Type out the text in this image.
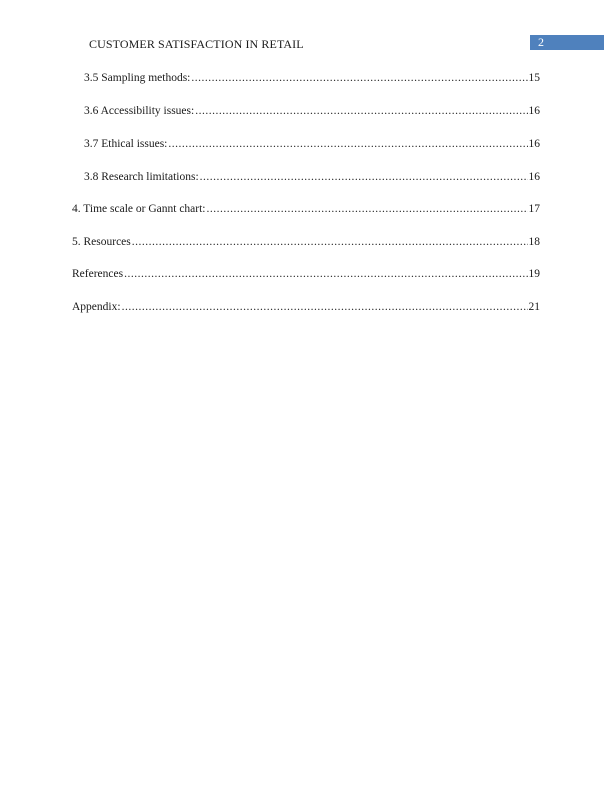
CUSTOMER SATISFACTION IN RETAIL	2
3.5 Sampling methods: .....	15
3.6 Accessibility issues: .....	16
3.7 Ethical issues: .....	16
3.8 Research limitations: .....	16
4. Time scale or Gannt chart: .....	17
5. Resources .....	18
References .....	19
Appendix: .....	21
